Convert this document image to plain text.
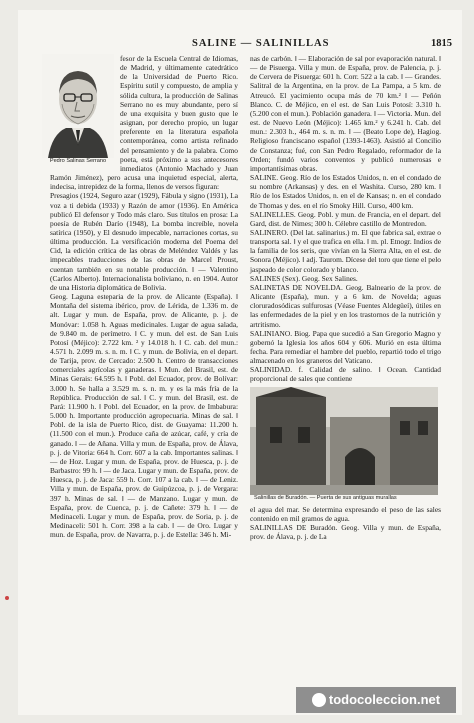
SALINE — SALINILLAS	1815
Pedro Salinas Serrano

fesor de la Escuela Central de Idiomas, de Madrid, y últimamente catedrático de la Universidad de Puerto Rico. Espíritu sutil y compuesto, de amplia y sólida cultura, la producción de Salinas Serrano no es muy abundante, pero sí de una exquisita y buen gusto que le asignan, por derecho propio, un lugar preferente en la literatura española contemporánea, como artista refinado del pensamiento y de la palabra. Como poeta, está próximo a sus antecesores inmediatos (Antonio Machado y Juan Ramón Jiménez), pero acusa una inquietud especial, alerta, indecisa, intrepidez de la forma, llenos de versos figuran:

Presagios (1924, Seguro azar (1929), Fábula y signo (1931), La voz a ti debida (1933) y Razón de amor (1936). En América publicó El defensor y Todo más claro. Sus títulos en prosa: La poesía de Rubén Darío (1948), La bomba increíble, novela satírica (1950), y El desnudo impecable, narraciones cortas, su última producción. La versificación moderna del Poema del Cid, la edición crítica de las obras de Meléndez Valdés y las impecables traducciones de las obras de Marcel Proust, cuentan también en su notable producción. ‖ — Valentino (Carlos Alberto). Internacionalista boliviano, n. en 1904. Autor de una Historia diplomática de Bolivia.

Geog. Laguna esteparia de la prov. de Alicante (España). ‖ Montaña del sistema ibérico, prov. de Lérida, de 1.336 m. de alt. Lugar y mun. de España, prov. de Alicante, p. j. de Monóvar: 1.058 h. Aguas medicinales. Lugar de agua salada, de 9.840 m. de perímetro. ‖ C. y mun. del est. de San Luis Potosí (Méjico): 2.722 km. ² y 14.018 h. ‖ C. cab. del mun.: 4.571 h. 2.099 m. s. n. m. ‖ C. y mun. de Bolivia, en el depart. de Tarija, prov. de Cercado: 2.500 h. Centro de transacciones comerciales agrícolas y ganaderas. ‖ Mun. del Brasil, est. de Minas Gerais: 64.595 h. ‖ Pobl. del Ecuador, prov. de Bolívar: 3.000 h. Se halla a 3.529 m. s. n. m. y es la más fría de la República. Producción de sal. ‖ C. y mun. del Brasil, est. de Pará: 11.900 h. ‖ Pobl. del Ecuador, en la prov. de Imbabura: 5.000 h. Importante producción agropecuaria. Minas de sal. ‖ Pobl. de la isla de Puerto Rico, dist. de Guayama: 11.200 h. (11.500 con el mun.). Produce caña de azúcar, café, y cría de ganado. ‖ — de Añana. Villa y mun. de España, prov. de Álava, p. j. de Vitoria: 664 h. Corr. 607 a la cab. Importantes salinas. ‖ — de Hoz. Lugar y mun. de España, prov. de Huesca, p. j. de Barbastro: 99 h. ‖ — de Jaca. Lugar y mun. de España, prov. de Huesca, p. j. de Jaca: 559 h. Corr. 107 a la cab. ‖ — de Leniz. Villa y mun. de España, prov. de Guipúzcoa, p. j. de Vergara: 397 h. Minas de sal. ‖ — de Manzano. Lugar y mun. de España, prov. de Cuenca, p. j. de Cañete: 379 h. ‖ — de Medinaceli. Lugar y mun. de España, prov. de Soria, p. j. de Medinaceli: 501 h. Corr. 398 a la cab. ‖ — de Oro. Lugar y mun. de España, prov. de Navarra, p. j. de Estella: 346 h. Mi-

nas de carbón. ‖ — Elaboración de sal por evaporación natural. ‖ — de Pisuerga. Villa y mun. de España, prov. de Palencia, p. j. de Cervera de Pisuerga: 601 h. Corr. 522 a la cab. ‖ — Grandes. Salitral de la Argentina, en la prov. de La Pampa, a 5 km. de Atreucó. El yacimiento ocupa más de 70 km.² ‖ — Peñón Blanco. C. de Méjico, en el est. de San Luis Potosí: 3.310 h. (5.200 con el mun.). Población ganadera. ‖ — Victoria. Mun. del est. de Nuevo León (Méjico): 1.465 km.² y 6.241 h. Cab. del mun.: 2.303 h., 464 m. s. n. m. ‖ — (Beato Lope de), Hagiog. Religioso franciscano español (1393-1463). Asistió al Concilio de Constanza; fué, con San Pedro Regalado, reformador de la Orden; fundó varios conventos y publicó numerosas e importantísimas obras.

SALINE. Geog. Río de los Estados Unidos, n. en el condado de su nombre (Arkansas) y des. en el Washita. Curso, 280 km. ‖ Río de los Estados Unidos, n. en el de Kansas; n. en el condado de Thomas y des. en el río Smoky Hill. Curso, 400 km.

SALINELLES. Geog. Pobl. y mun. de Francia, en el depart. del Gard, dist. de Nimes; 300 h. Célebre castillo de Montredon.

SALINERO. (Del lat. salinarius.) m. El que fabrica sal, extrae o transporta sal. ‖ y el que trafica en ella. ‖ m. pl. Etnogr. Indios de la familia de los seris, que vivían en la Sierra Alta, en el est. de Sonora (Méjico). ‖ adj. Taurom. Dícese del toro que tiene el pelo jaspeado de color colorado y blanco.

SALINES (Sex). Geog. Sex Salines.

SALINETAS DE NOVELDA. Geog. Balneario de la prov. de Alicante (España), mun. y a 6 km. de Novelda; aguas cloruradosódicas sulfurosas (Véase Fuentes Aldegüeí), útiles en las enfermedades de la piel y en los trastornos de la nutrición y artritismo.

SALINIANO. Biog. Papa que sucedió a San Gregorio Magno y gobernó la Iglesia los años 604 y 606. Murió en esta última fecha. Para remediar el hambre del pueblo, repartió todo el trigo almacenado en los graneros del Vaticano.

SALINIDAD. f. Calidad de salino. ‖ Ocean. Cantidad proporcional de sales que contiene

Salinillas de Buradón. — Puerta de sus antiguas murallas

el agua del mar. Se determina expresando el peso de las sales contenido en mil gramos de agua.

SALINILLAS DE Buradón. Geog. Villa y mun. de España, prov. de Álava, p. j. de La

todocoleccion.net
